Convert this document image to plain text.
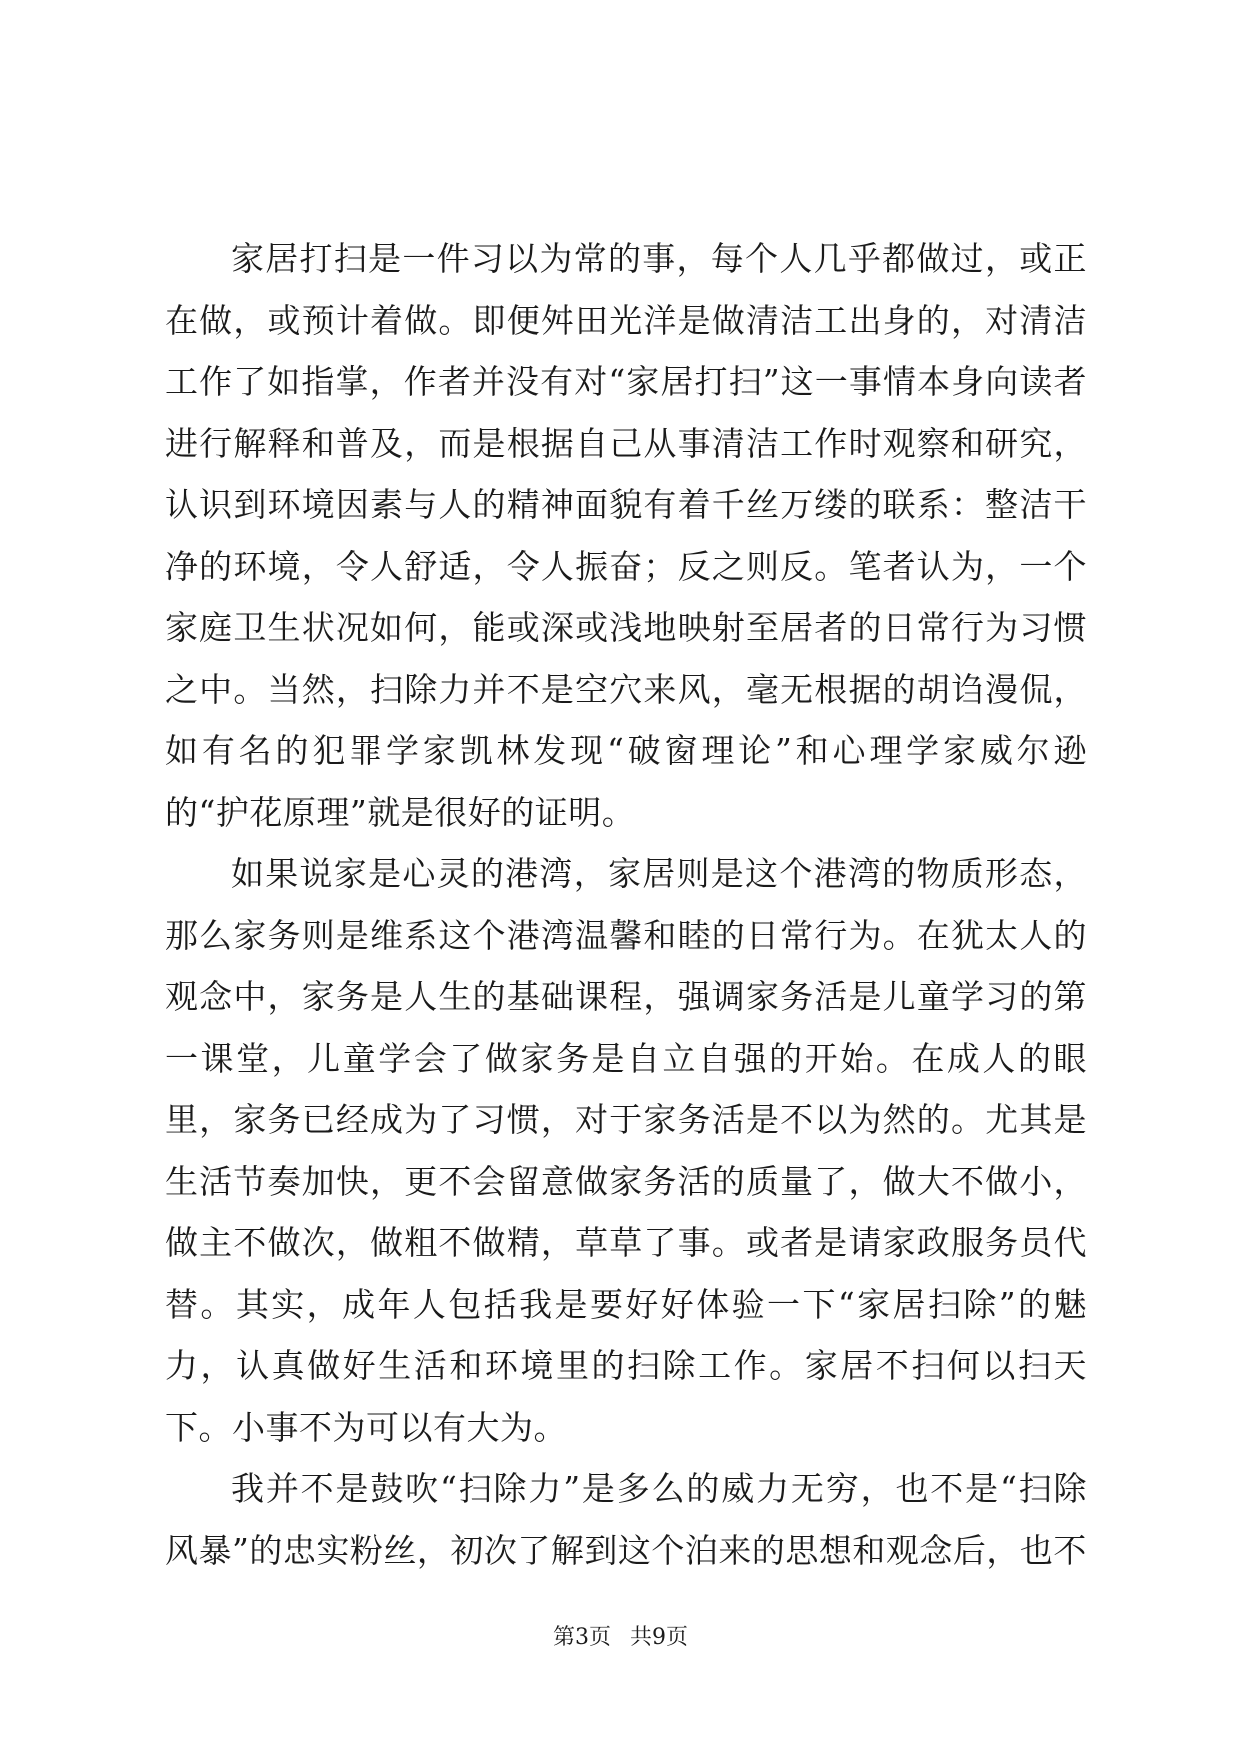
家居打扫是一件习以为常的事，每个人几乎都做过，或正在做，或预计着做。即便舛田光洋是做清洁工出身的，对清洁工作了如指掌，作者并没有对“家居打扫”这一事情本身向读者进行解释和普及，而是根据自己从事清洁工作时观察和研究，认识到环境因素与人的精神面貌有着千丝万缕的联系：整洁干净的环境，令人舒适，令人振奋；反之则反。笔者认为，一个家庭卫生状况如何，能或深或浅地映射至居者的日常行为习惯之中。当然，扫除力并不是空穴来风，毫无根据的胡诌漫侃，如有名的犯罪学家凯林发现“破窗理论”和心理学家威尔逊的“护花原理”就是很好的证明。

如果说家是心灵的港湾，家居则是这个港湾的物质形态，那么家务则是维系这个港湾温馨和睦的日常行为。在犹太人的观念中，家务是人生的基础课程，强调家务活是儿童学习的第一课堂，儿童学会了做家务是自立自强的开始。在成人的眼里，家务已经成为了习惯，对于家务活是不以为然的。尤其是生活节奏加快，更不会留意做家务活的质量了，做大不做小，做主不做次，做粗不做精，草草了事。或者是请家政服务员代替。其实，成年人包括我是要好好体验一下“家居扫除”的魅力，认真做好生活和环境里的扫除工作。家居不扫何以扫天下。小事不为可以有大为。

我并不是鼓吹“扫除力”是多么的威力无穷，也不是“扫除风暴”的忠实粉丝，初次了解到这个泊来的思想和观念后，也不

第3页 共9页
